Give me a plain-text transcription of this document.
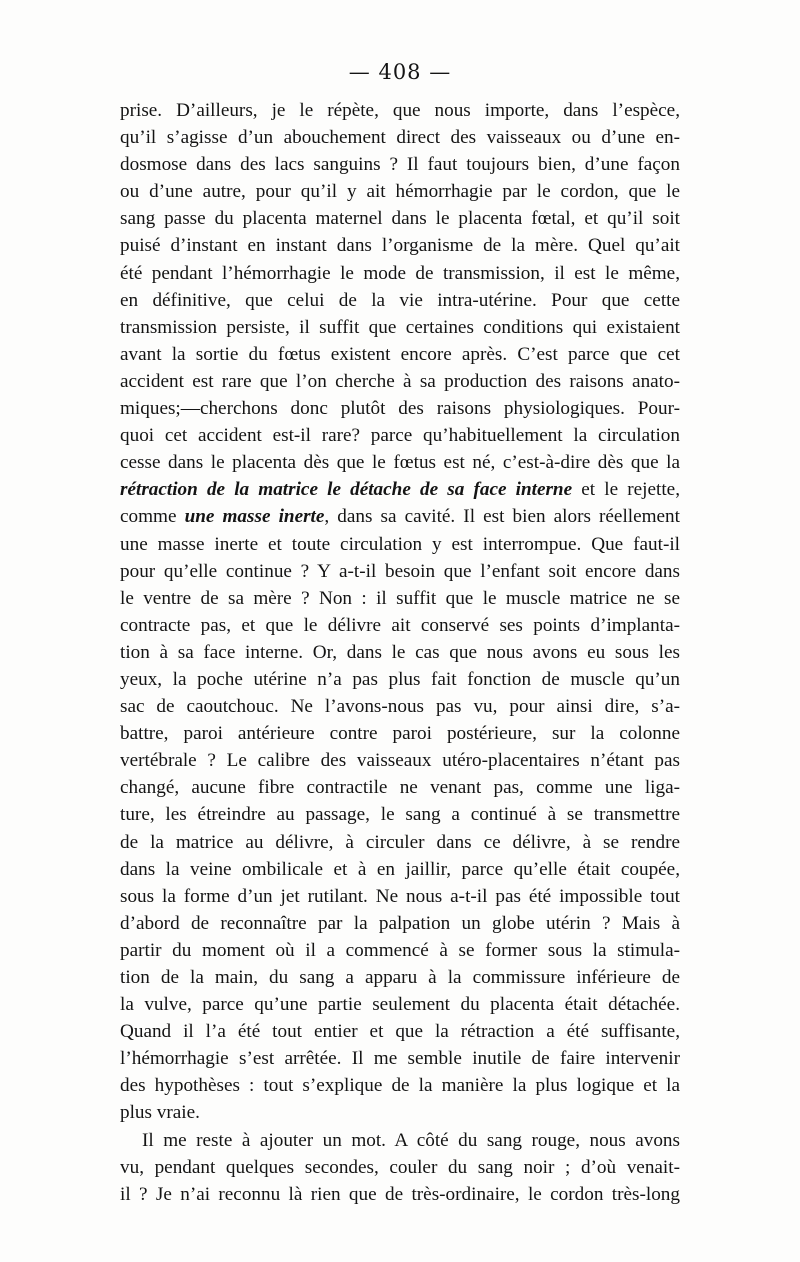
— 408 —
prise. D’ailleurs, je le répète, que nous importe, dans l’espèce,
qu’il s’agisse d’un abouchement direct des vaisseaux ou d’une en-
dosmose dans des lacs sanguins ? Il faut toujours bien, d’une façon
ou d’une autre, pour qu’il y ait hémorrhagie par le cordon, que le
sang passe du placenta maternel dans le placenta fœtal, et qu’il soit
puisé d’instant en instant dans l’organisme de la mère. Quel qu’ait
été pendant l’hémorrhagie le mode de transmission, il est le même,
en définitive, que celui de la vie intra-utérine. Pour que cette
transmission persiste, il suffit que certaines conditions qui existaient
avant la sortie du fœtus existent encore après. C’est parce que cet
accident est rare que l’on cherche à sa production des raisons anato-
miques;—cherchons donc plutôt des raisons physiologiques. Pour-
quoi cet accident est-il rare? parce qu’habituellement la circulation
cesse dans le placenta dès que le fœtus est né, c’est-à-dire dès que la
rétraction de la matrice le détache de sa face interne et le rejette,
comme une masse inerte, dans sa cavité. Il est bien alors réellement
une masse inerte et toute circulation y est interrompue. Que faut-il
pour qu’elle continue ? Y a-t-il besoin que l’enfant soit encore dans
le ventre de sa mère ? Non : il suffit que le muscle matrice ne se
contracte pas, et que le délivre ait conservé ses points d’implanta-
tion à sa face interne. Or, dans le cas que nous avons eu sous les
yeux, la poche utérine n’a pas plus fait fonction de muscle qu’un
sac de caoutchouc. Ne l’avons-nous pas vu, pour ainsi dire, s’a-
battre, paroi antérieure contre paroi postérieure, sur la colonne
vertébrale ? Le calibre des vaisseaux utéro-placentaires n’étant pas
changé, aucune fibre contractile ne venant pas, comme une liga-
ture, les étreindre au passage, le sang a continué à se transmettre
de la matrice au délivre, à circuler dans ce délivre, à se rendre
dans la veine ombilicale et à en jaillir, parce qu’elle était coupée,
sous la forme d’un jet rutilant. Ne nous a-t-il pas été impossible tout
d’abord de reconnaître par la palpation un globe utérin ? Mais à
partir du moment où il a commencé à se former sous la stimula-
tion de la main, du sang a apparu à la commissure inférieure de
la vulve, parce qu’une partie seulement du placenta était détachée.
Quand il l’a été tout entier et que la rétraction a été suffisante,
l’hémorrhagie s’est arrêtée. Il me semble inutile de faire intervenir
des hypothèses : tout s’explique de la manière la plus logique et la
plus vraie.
Il me reste à ajouter un mot. A côté du sang rouge, nous avons
vu, pendant quelques secondes, couler du sang noir ; d’où venait-
il ? Je n’ai reconnu là rien que de très-ordinaire, le cordon très-long
